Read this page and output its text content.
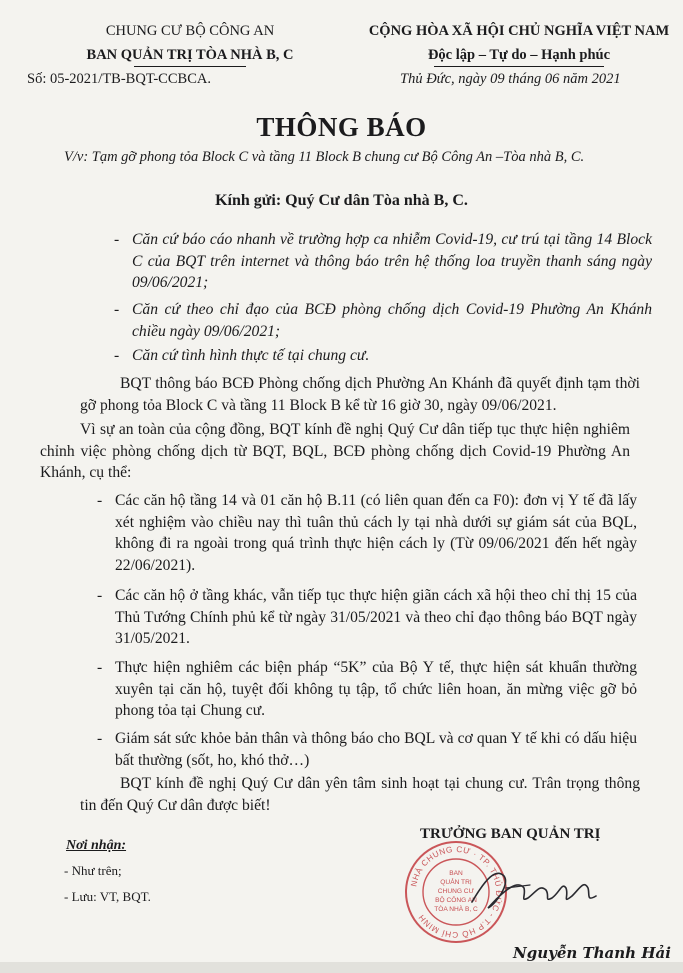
CHUNG CƯ BỘ CÔNG AN
BAN QUẢN TRỊ TÒA NHÀ B, C
Số: 05-2021/TB-BQT-CCBCA.
CỘNG HÒA XÃ HỘI CHỦ NGHĨA VIỆT NAM
Độc lập – Tự do – Hạnh phúc
Thủ Đức, ngày 09 tháng 06 năm 2021
THÔNG BÁO
V/v: Tạm gỡ phong tỏa Block C và tầng 11 Block B chung cư Bộ Công An –Tòa nhà B, C.
Kính gửi: Quý Cư dân Tòa nhà B, C.
- Căn cứ báo cáo nhanh về trường hợp ca nhiễm Covid-19, cư trú tại tầng 14 Block C của BQT trên internet và thông báo trên hệ thống loa truyền thanh sáng ngày 09/06/2021;
- Căn cứ theo chỉ đạo của BCĐ phòng chống dịch Covid-19 Phường An Khánh chiều ngày 09/06/2021;
- Căn cứ tình hình thực tế tại chung cư.
BQT thông báo BCĐ Phòng chống dịch Phường An Khánh đã quyết định tạm thời gỡ phong tỏa Block C và tầng 11 Block B kể từ 16 giờ 30, ngày 09/06/2021.
Vì sự an toàn của cộng đồng, BQT kính đề nghị Quý Cư dân tiếp tục thực hiện nghiêm chỉnh việc phòng chống dịch từ BQT, BQL, BCĐ phòng chống dịch Covid-19 Phường An Khánh, cụ thể:
- Các căn hộ tầng 14 và 01 căn hộ B.11 (có liên quan đến ca F0): đơn vị Y tế đã lấy xét nghiệm vào chiều nay thì tuân thủ cách ly tại nhà dưới sự giám sát của BQL, không đi ra ngoài trong quá trình thực hiện cách ly (Từ 09/06/2021 đến hết ngày 22/06/2021).
- Các căn hộ ở tầng khác, vẫn tiếp tục thực hiện giãn cách xã hội theo chỉ thị 15 của Thủ Tướng Chính phủ kể từ ngày 31/05/2021 và theo chỉ đạo thông báo BQT ngày 31/05/2021.
- Thực hiện nghiêm các biện pháp “5K” của Bộ Y tế, thực hiện sát khuẩn thường xuyên tại căn hộ, tuyệt đối không tụ tập, tổ chức liên hoan, ăn mừng việc gỡ bỏ phong tỏa tại Chung cư.
- Giám sát sức khỏe bản thân và thông báo cho BQL và cơ quan Y tế khi có dấu hiệu bất thường (sốt, ho, khó thở…)
BQT kính đề nghị Quý Cư dân yên tâm sinh hoạt tại chung cư. Trân trọng thông tin đến Quý Cư dân được biết!
Nơi nhận:
- Như trên;
- Lưu: VT, BQT.
TRƯỞNG BAN QUẢN TRỊ
NHÀ CHUNG CƯ · TP. THỦ ĐỨC - T.P HỒ CHÍ MINH
BAN
QUẢN TRỊ
CHUNG CƯ
BỘ CÔNG AN
TÒA NHÀ B, C
Nguyễn Thanh Hải
